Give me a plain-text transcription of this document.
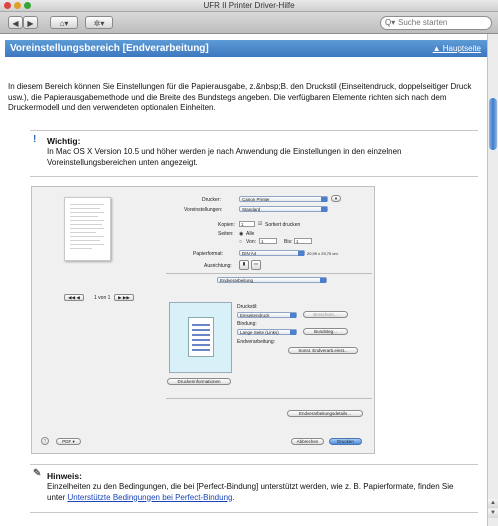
UFR II Printer Driver-Hilfe
◀	▶	⌂▾	✲▾	Q▾ Suche starten
Voreinstellungsbereich [Endverarbeitung]	▲ Hauptseite
In diesem Bereich können Sie Einstellungen für die Papierausgabe, z.&nbsp;B. den Druckstil (Einseitendruck, doppelseitiger Druck usw.), die Papierausgabemethode und die Breite des Bundstegs angeben. Die verfügbaren Elemente richten sich nach dem Druckermodell und den verwendeten optionalen Einheiten.
! Wichtig:
In Mac OS X Version 10.5 und höher werden je nach Anwendung die Einstellungen in den einzelnen Voreinstellungsbereichen unten angezeigt.
Drucker:	Canon Printer	▾
Voreinstellungen:	Standard
Kopien:	1	☑ Sortiert drucken
Seiten: ◉ Alle
○ Von:	1	Bis: 1
Papierformat:	DIN A4	20,99 x 29,70 cm
Ausrichtung:	▮	▭
Endverarbeitung
◀◀ ◀	1 von 1	▶ ▶▶
Druckstil:
Einseitendruck	Broschüre...
Bindung:
Lange Seite (Links)	Bundsteg...
Endverarbeitung:
Sonst. Endverarb.einst...
Druckerinformationen
Endverarbeitungsdetails...
?	PDF ▾	Abbrechen	Drucken
✎ Hinweis:
Einzelheiten zu den Bedingungen, die bei [Perfect-Bindung] unterstützt werden, wie z. B. Papierformate, finden Sie unter Unterstützte Bedingungen bei Perfect-Bindung.
▲
▼
